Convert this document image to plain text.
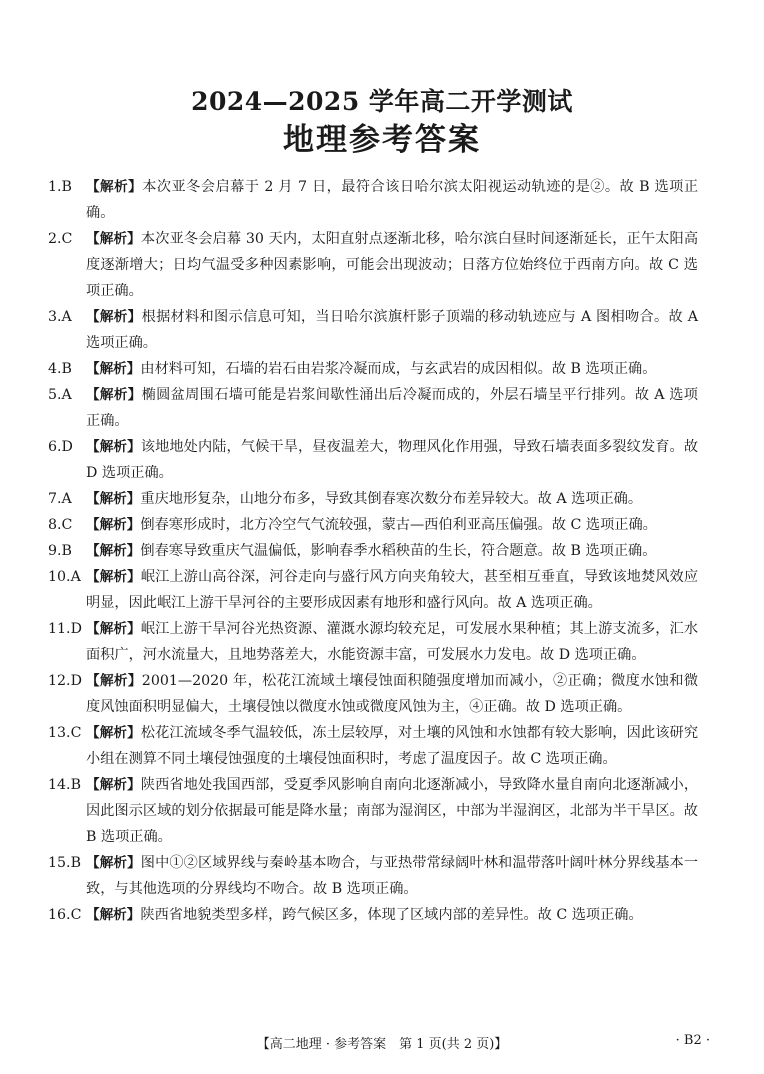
2024—2025 学年高二开学测试
地理参考答案
1.B	【解析】本次亚冬会启幕于 2 月 7 日，最符合该日哈尔滨太阳视运动轨迹的是②。故 B 选项正确。
2.C 【解析】本次亚冬会启幕 30 天内，太阳直射点逐渐北移，哈尔滨白昼时间逐渐延长，正午太阳高度逐渐增大；日均气温受多种因素影响，可能会出现波动；日落方位始终位于西南方向。故 C 选项正确。
3.A	【解析】根据材料和图示信息可知，当日哈尔滨旗杆影子顶端的移动轨迹应与 A 图相吻合。故 A 选项正确。
4.B	【解析】由材料可知，石墙的岩石由岩浆冷凝而成，与玄武岩的成因相似。故 B 选项正确。
5.A	【解析】椭圆盆周围石墙可能是岩浆间歇性涌出后冷凝而成的，外层石墙呈平行排列。故 A 选项正确。
6.D 【解析】该地地处内陆，气候干旱，昼夜温差大，物理风化作用强，导致石墙表面多裂纹发育。故 D 选项正确。
7.A	【解析】重庆地形复杂，山地分布多，导致其倒春寒次数分布差异较大。故 A 选项正确。
8.C 【解析】倒春寒形成时，北方冷空气气流较强，蒙古—西伯利亚高压偏强。故 C 选项正确。
9.B	【解析】倒春寒导致重庆气温偏低，影响春季水稻秧苗的生长，符合题意。故 B 选项正确。
10.A 【解析】岷江上游山高谷深，河谷走向与盛行风方向夹角较大，甚至相互垂直，导致该地焚风效应明显，因此岷江上游干旱河谷的主要形成因素有地形和盛行风向。故 A 选项正确。
11.D 【解析】岷江上游干旱河谷光热资源、灌溉水源均较充足，可发展水果种植；其上游支流多，汇水面积广，河水流量大，且地势落差大，水能资源丰富，可发展水力发电。故 D 选项正确。
12.D 【解析】2001—2020 年，松花江流域土壤侵蚀面积随强度增加而减小，②正确；微度水蚀和微度风蚀面积明显偏大，土壤侵蚀以微度水蚀或微度风蚀为主，④正确。故 D 选项正确。
13.C 【解析】松花江流域冬季气温较低，冻土层较厚，对土壤的风蚀和水蚀都有较大影响，因此该研究小组在测算不同土壤侵蚀强度的土壤侵蚀面积时，考虑了温度因子。故 C 选项正确。
14.B 【解析】陕西省地处我国西部，受夏季风影响自南向北逐渐减小，导致降水量自南向北逐渐减小，因此图示区域的划分依据最可能是降水量；南部为湿润区，中部为半湿润区，北部为半干旱区。故 B 选项正确。
15.B 【解析】图中①②区域界线与秦岭基本吻合，与亚热带常绿阔叶林和温带落叶阔叶林分界线基本一致，与其他选项的分界线均不吻合。故 B 选项正确。
16.C 【解析】陕西省地貌类型多样，跨气候区多，体现了区域内部的差异性。故 C 选项正确。
【高二地理 · 参考答案　第 1 页(共 2 页)】	· B2 ·
